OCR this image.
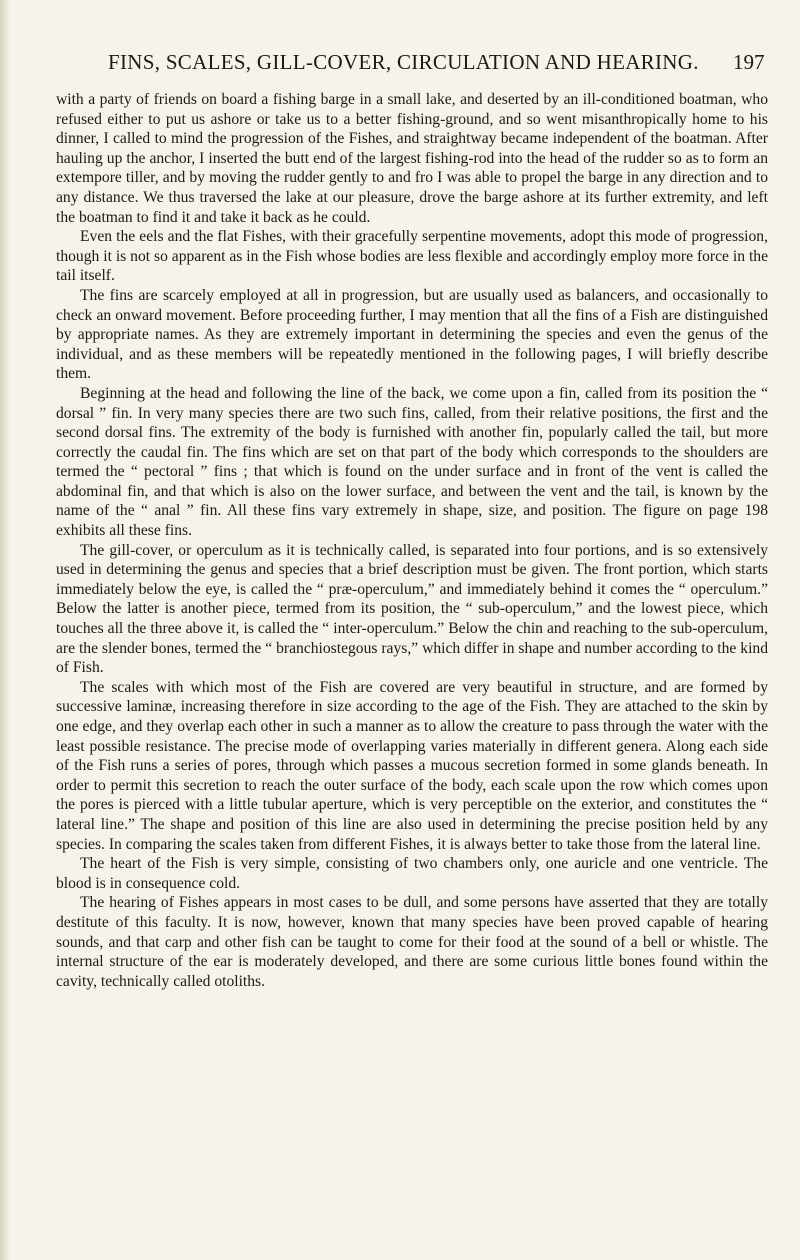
FINS, SCALES, GILL-COVER, CIRCULATION AND HEARING. 197

with a party of friends on board a fishing barge in a small lake, and deserted by an ill-conditioned boatman, who refused either to put us ashore or take us to a better fishing-ground, and so went misanthropically home to his dinner, I called to mind the progression of the Fishes, and straightway became independent of the boatman. After hauling up the anchor, I inserted the butt end of the largest fishing-rod into the head of the rudder so as to form an extempore tiller, and by moving the rudder gently to and fro I was able to propel the barge in any direction and to any distance. We thus traversed the lake at our pleasure, drove the barge ashore at its further extremity, and left the boatman to find it and take it back as he could.

Even the eels and the flat Fishes, with their gracefully serpentine movements, adopt this mode of progression, though it is not so apparent as in the Fish whose bodies are less flexible and accordingly employ more force in the tail itself.

The fins are scarcely employed at all in progression, but are usually used as balancers, and occasionally to check an onward movement. Before proceeding further, I may mention that all the fins of a Fish are distinguished by appropriate names. As they are extremely important in determining the species and even the genus of the individual, and as these members will be repeatedly mentioned in the following pages, I will briefly describe them.

Beginning at the head and following the line of the back, we come upon a fin, called from its position the “ dorsal ” fin. In very many species there are two such fins, called, from their relative positions, the first and the second dorsal fins. The extremity of the body is furnished with another fin, popularly called the tail, but more correctly the caudal fin. The fins which are set on that part of the body which corresponds to the shoulders are termed the “ pectoral ” fins ; that which is found on the under surface and in front of the vent is called the abdominal fin, and that which is also on the lower surface, and between the vent and the tail, is known by the name of the “ anal ” fin. All these fins vary extremely in shape, size, and position. The figure on page 198 exhibits all these fins.

The gill-cover, or operculum as it is technically called, is separated into four portions, and is so extensively used in determining the genus and species that a brief description must be given. The front portion, which starts immediately below the eye, is called the “ præ-operculum,” and immediately behind it comes the “ operculum.” Below the latter is another piece, termed from its position, the “ sub-operculum,” and the lowest piece, which touches all the three above it, is called the “ inter-operculum.” Below the chin and reaching to the sub-operculum, are the slender bones, termed the “ branchiostegous rays,” which differ in shape and number according to the kind of Fish.

The scales with which most of the Fish are covered are very beautiful in structure, and are formed by successive laminæ, increasing therefore in size according to the age of the Fish. They are attached to the skin by one edge, and they overlap each other in such a manner as to allow the creature to pass through the water with the least possible resistance. The precise mode of overlapping varies materially in different genera. Along each side of the Fish runs a series of pores, through which passes a mucous secretion formed in some glands beneath. In order to permit this secretion to reach the outer surface of the body, each scale upon the row which comes upon the pores is pierced with a little tubular aperture, which is very perceptible on the exterior, and constitutes the “ lateral line.” The shape and position of this line are also used in determining the precise position held by any species. In comparing the scales taken from different Fishes, it is always better to take those from the lateral line.

The heart of the Fish is very simple, consisting of two chambers only, one auricle and one ventricle. The blood is in consequence cold.

The hearing of Fishes appears in most cases to be dull, and some persons have asserted that they are totally destitute of this faculty. It is now, however, known that many species have been proved capable of hearing sounds, and that carp and other fish can be taught to come for their food at the sound of a bell or whistle. The internal structure of the ear is moderately developed, and there are some curious little bones found within the cavity, technically called otoliths.
